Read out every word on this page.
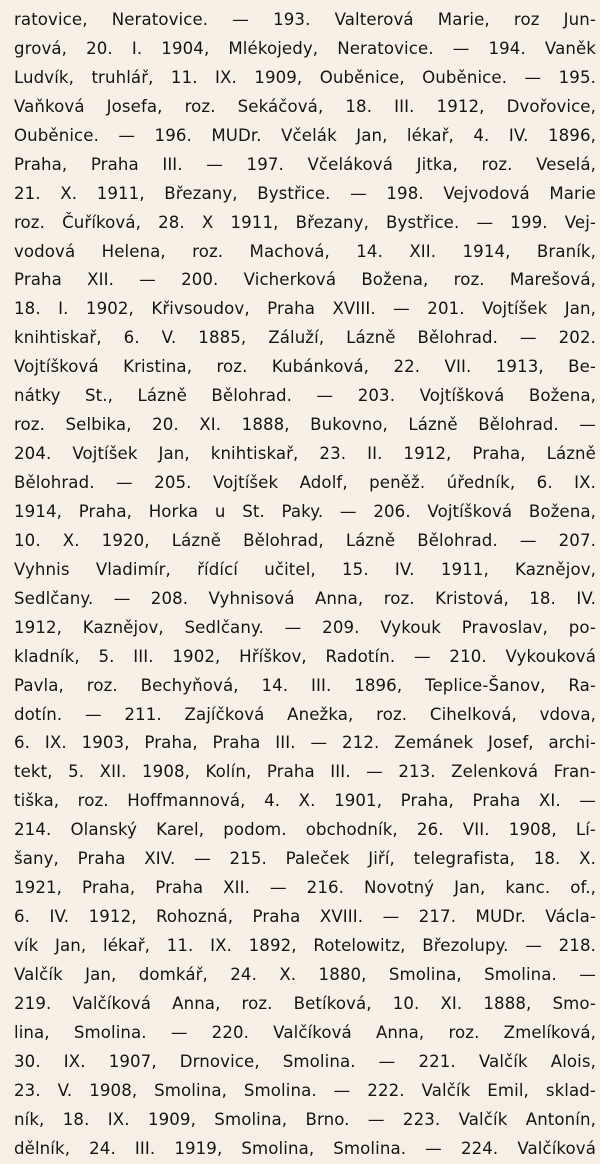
ratovice, Neratovice. — 193. Valterová Marie, roz Jun-
grová, 20. I. 1904, Mlékojedy, Neratovice. — 194. Vaněk
Ludvík, truhlář, 11. IX. 1909, Ouběnice, Ouběnice. — 195.
Vaňková Josefa, roz. Sekáčová, 18. III. 1912, Dvořovice,
Ouběnice. — 196. MUDr. Včelák Jan, lékař, 4. IV. 1896,
Praha, Praha III. — 197. Včeláková Jitka, roz. Veselá,
21. X. 1911, Březany, Bystřice. — 198. Vejvodová Marie
roz. Čuříková, 28. X 1911, Březany, Bystřice. — 199. Vej-
vodová Helena, roz. Machová, 14. XII. 1914, Braník,
Praha XII. — 200. Vicherková Božena, roz. Marešová,
18. I. 1902, Křivsoudov, Praha XVIII. — 201. Vojtíšek Jan,
knihtiskař, 6. V. 1885, Záluží, Lázně Bělohrad. — 202.
Vojtíšková Kristina, roz. Kubánková, 22. VII. 1913, Be-
nátky St., Lázně Bělohrad. — 203. Vojtíšková Božena,
roz. Selbika, 20. XI. 1888, Bukovno, Lázně Bělohrad. —
204. Vojtíšek Jan, knihtiskař, 23. II. 1912, Praha, Lázně
Bělohrad. — 205. Vojtíšek Adolf, peněž. úředník, 6. IX.
1914, Praha, Horka u St. Paky. — 206. Vojtíšková Božena,
10. X. 1920, Lázně Bělohrad, Lázně Bělohrad. — 207.
Vyhnis Vladimír, řídící učitel, 15. IV. 1911, Kaznějov,
Sedlčany. — 208. Vyhnisová Anna, roz. Kristová, 18. IV.
1912, Kaznějov, Sedlčany. — 209. Vykouk Pravoslav, po-
kladník, 5. III. 1902, Hříškov, Radotín. — 210. Vykouková
Pavla, roz. Bechyňová, 14. III. 1896, Teplice-Šanov, Ra-
dotín. — 211. Zajíčková Anežka, roz. Cihelková, vdova,
6. IX. 1903, Praha, Praha III. — 212. Zemánek Josef, archi-
tekt, 5. XII. 1908, Kolín, Praha III. — 213. Zelenková Fran-
tiška, roz. Hoffmannová, 4. X. 1901, Praha, Praha XI. —
214. Olanský Karel, podom. obchodník, 26. VII. 1908, Lí-
šany, Praha XIV. — 215. Paleček Jiří, telegrafista, 18. X.
1921, Praha, Praha XII. — 216. Novotný Jan, kanc. of.,
6. IV. 1912, Rohozná, Praha XVIII. — 217. MUDr. Václa-
vík Jan, lékař, 11. IX. 1892, Rotelowitz, Březolupy. — 218.
Valčík Jan, domkář, 24. X. 1880, Smolina, Smolina. —
219. Valčíková Anna, roz. Betíková, 10. XI. 1888, Smo-
lina, Smolina. — 220. Valčíková Anna, roz. Zmelíková,
30. IX. 1907, Drnovice, Smolina. — 221. Valčík Alois,
23. V. 1908, Smolina, Smolina. — 222. Valčík Emil, sklad-
ník, 18. IX. 1909, Smolina, Brno. — 223. Valčík Antonín,
dělník, 24. III. 1919, Smolina, Smolina. — 224. Valčíková
